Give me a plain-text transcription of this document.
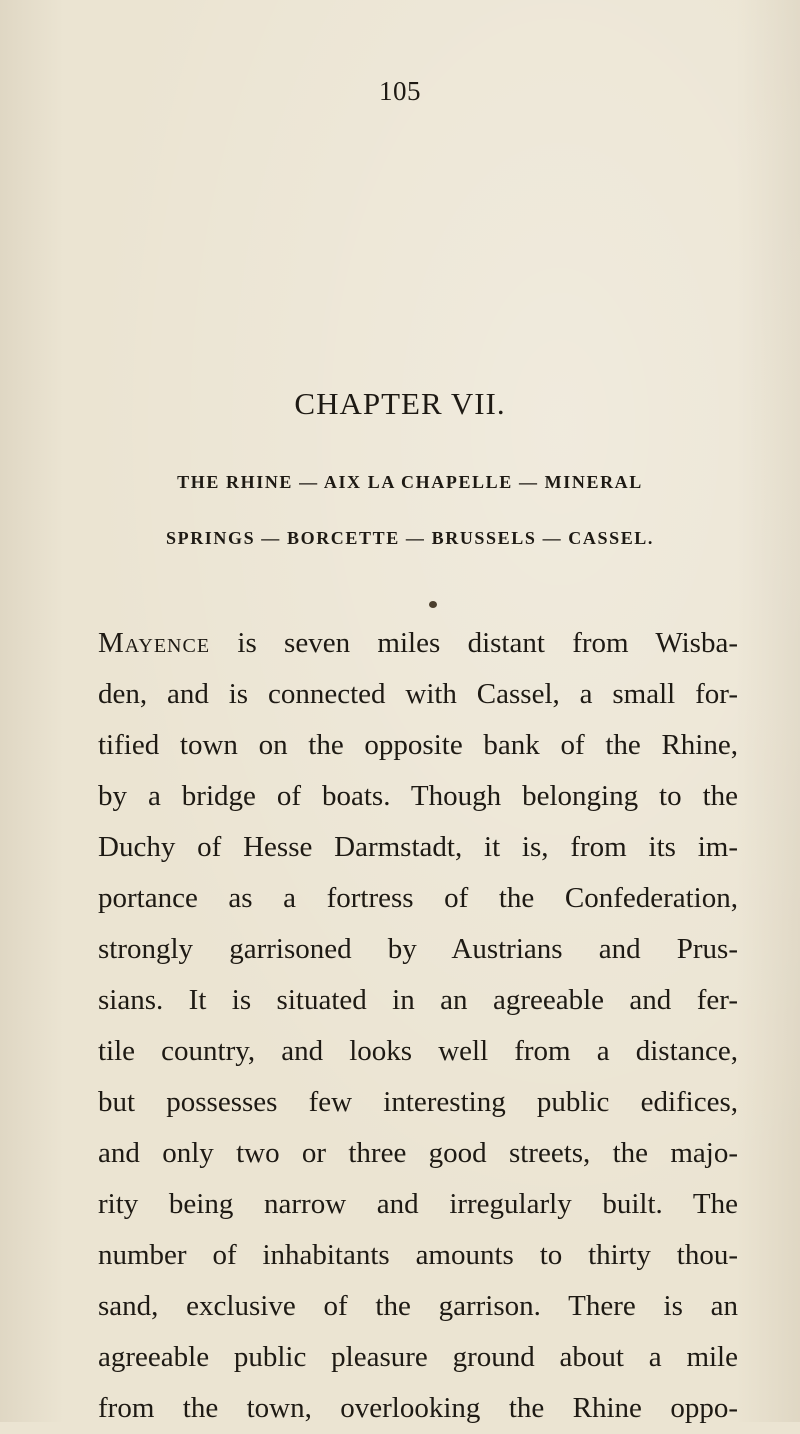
105
CHAPTER VII.
THE RHINE — AIX LA CHAPELLE — MINERAL
SPRINGS — BORCETTE — BRUSSELS — CASSEL.
Mayence is seven miles distant from Wisba-
den, and is connected with Cassel, a small for-
tified town on the opposite bank of the Rhine,
by a bridge of boats. Though belonging to the
Duchy of Hesse Darmstadt, it is, from its im-
portance as a fortress of the Confederation,
strongly garrisoned by Austrians and Prus-
sians. It is situated in an agreeable and fer-
tile country, and looks well from a distance,
but possesses few interesting public edifices,
and only two or three good streets, the majo-
rity being narrow and irregularly built. The
number of inhabitants amounts to thirty thou-
sand, exclusive of the garrison. There is an
agreeable public pleasure ground about a mile
from the town, overlooking the Rhine oppo-
